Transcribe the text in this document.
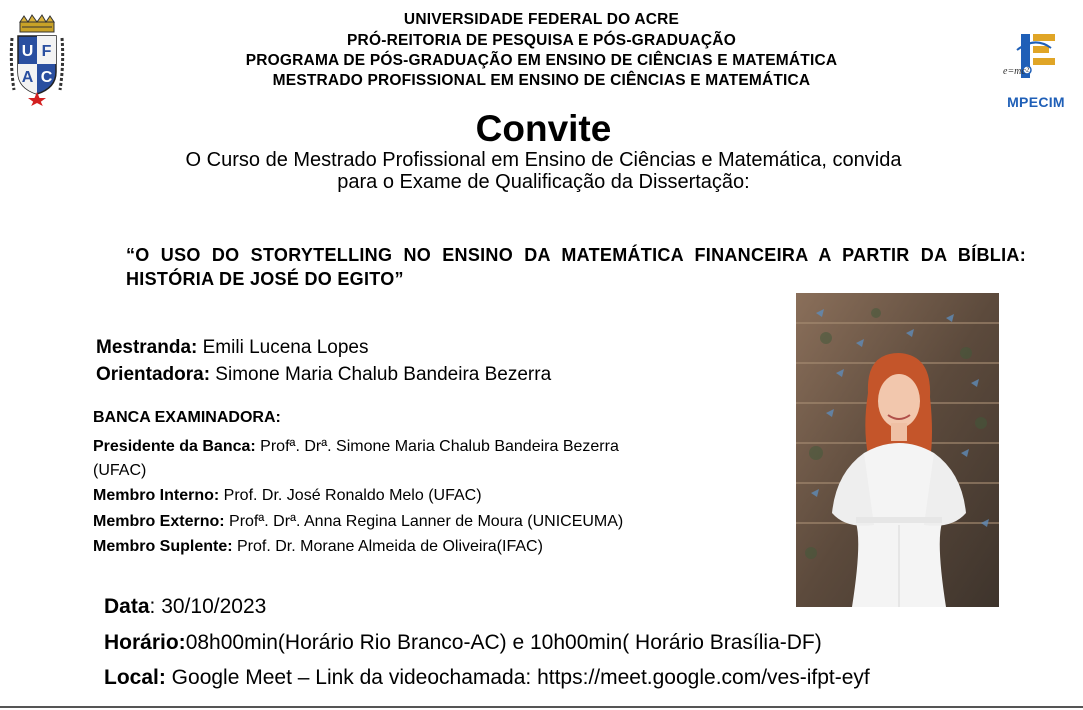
U F
A C
UNIVERSIDADE FEDERAL DO ACRE
PRÓ-REITORIA DE PESQUISA E PÓS-GRADUAÇÃO
PROGRAMA DE PÓS-GRADUAÇÃO EM ENSINO DE CIÊNCIAS E MATEMÁTICA
MESTRADO PROFISSIONAL EM ENSINO DE CIÊNCIAS E MATEMÁTICA
e=mc²
MPECIM
Convite
O Curso de Mestrado Profissional em Ensino de Ciências e Matemática, convida
para o Exame de Qualificação da Dissertação:
“O USO DO STORYTELLING NO ENSINO DA MATEMÁTICA FINANCEIRA A PARTIR DA BÍBLIA: HISTÓRIA DE JOSÉ DO EGITO”
Mestranda: Emili Lucena Lopes
Orientadora: Simone Maria Chalub Bandeira Bezerra
BANCA EXAMINADORA:
Presidente da Banca: Profª. Drª. Simone Maria Chalub Bandeira Bezerra
(UFAC)
Membro Interno: Prof. Dr. José Ronaldo Melo (UFAC)
Membro Externo: Profª. Drª. Anna Regina Lanner de Moura (UNICEUMA)
Membro Suplente: Prof. Dr. Morane Almeida de Oliveira(IFAC)
Data: 30/10/2023
Horário:08h00min(Horário Rio Branco-AC) e 10h00min( Horário Brasília-DF)
Local: Google Meet – Link da videochamada: https://meet.google.com/ves-ifpt-eyf
